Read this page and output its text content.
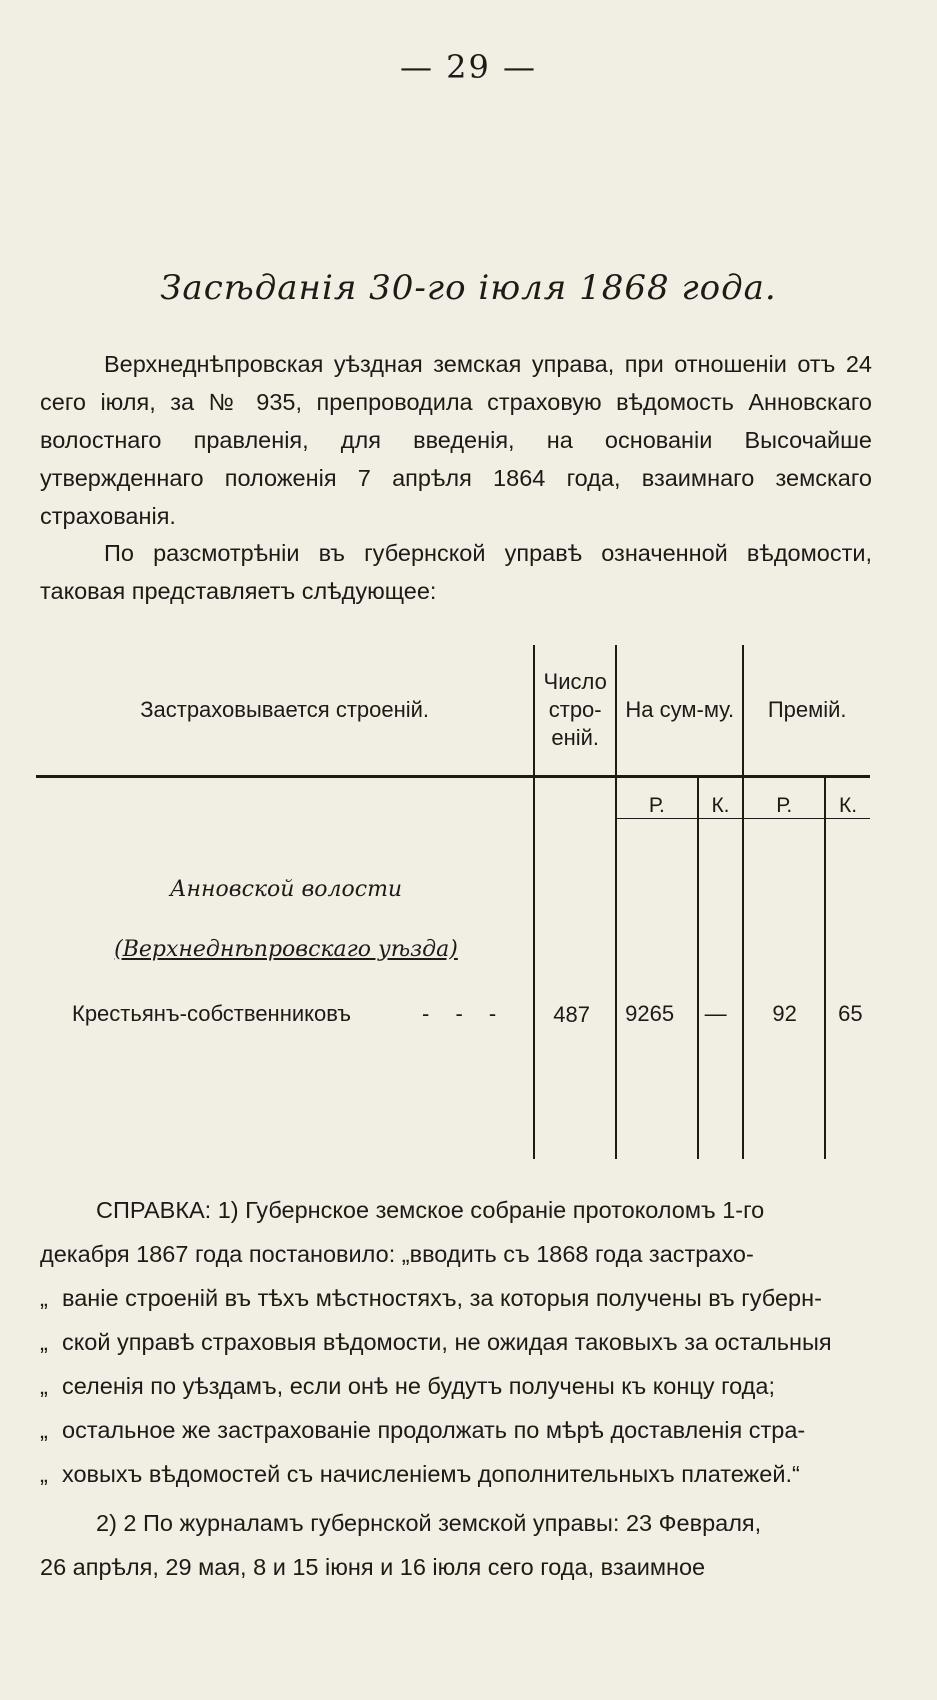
— 29 —
Засѣданія 30-го іюля 1868 года.
Верхнеднѣпровская уѣздная земская управа, при отношеніи отъ 24 сего іюля, за № 935, препроводила страховую вѣдомость Анновскаго волостнаго правленія, для введенія, на основаніи Высочайше утвержденнаго положенія 7 апрѣля 1864 года, взаимнаго земскаго страхованія.
По разсмотрѣніи въ губернской управѣ означенной вѣдомости, таковая представляетъ слѣдующее:
Застраховывается строеній.	Число стро-еній.	На сум-му.		Премій.	
		Р.	К.	Р.	К.

Анновской волости
(Верхнеднѣпровскаго уѣзда)
Крестьянъ-собственниковъ - - -	487	9265	—	92	65
СПРАВКА: 1) Губернское земское собраніе протоколомъ 1-го
декабря 1867 года постановило: „вводить съ 1868 года застрахо-
„ ваніе строеній въ тѣхъ мѣстностяхъ, за которыя получены въ губерн-
„ ской управѣ страховыя вѣдомости, не ожидая таковыхъ за остальныя
„ селенія по уѣздамъ, если онѣ не будутъ получены къ концу года;
„ остальное же застрахованіе продолжать по мѣрѣ доставленія стра-
„ ховыхъ вѣдомостей съ начисленіемъ дополнительныхъ платежей.“
2) 2 По журналамъ губернской земской управы: 23 Февраля,
26 апрѣля, 29 мая, 8 и 15 іюня и 16 іюля сего года, взаимное
